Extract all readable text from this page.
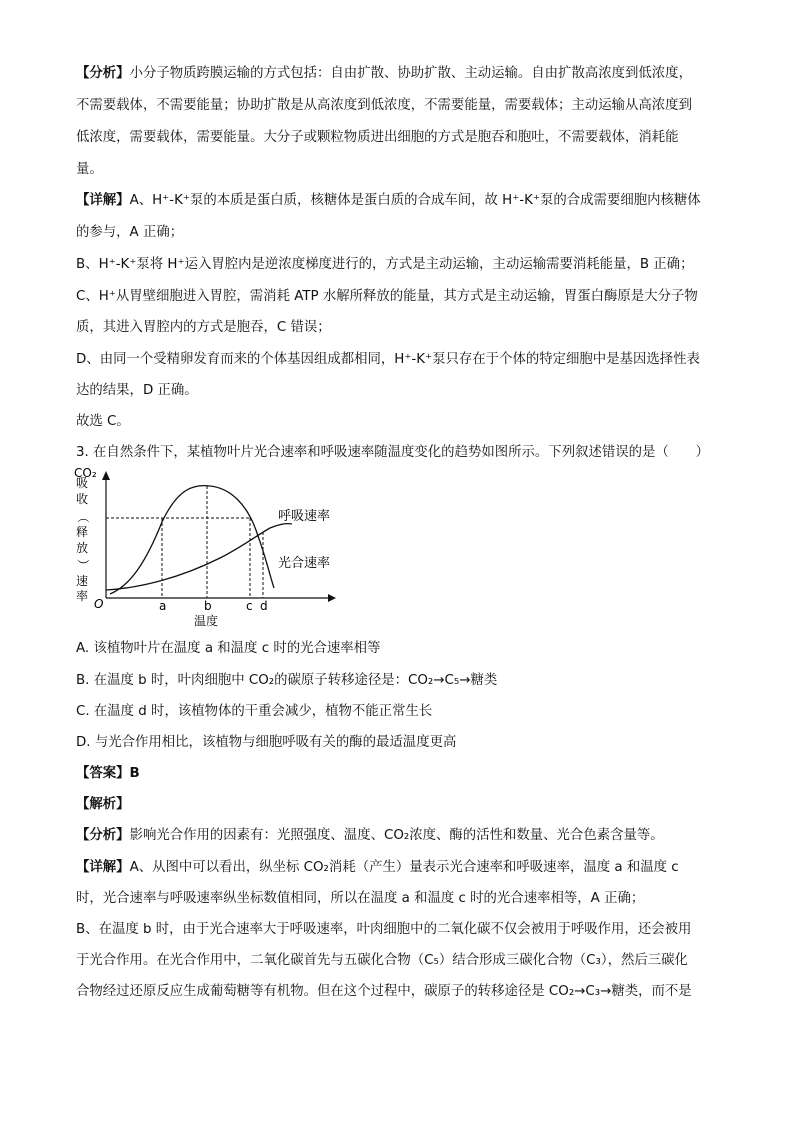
【分析】小分子物质跨膜运输的方式包括：自由扩散、协助扩散、主动运输。自由扩散高浓度到低浓度，
不需要载体，不需要能量；协助扩散是从高浓度到低浓度，不需要能量，需要载体；主动运输从高浓度到
低浓度，需要载体，需要能量。大分子或颗粒物质进出细胞的方式是胞吞和胞吐，不需要载体，消耗能
量。
【详解】A、H⁺-K⁺泵的本质是蛋白质，核糖体是蛋白质的合成车间，故 H⁺-K⁺泵的合成需要细胞内核糖体
的参与，A 正确；
B、H⁺-K⁺泵将 H⁺运入胃腔内是逆浓度梯度进行的，方式是主动运输，主动运输需要消耗能量，B 正确；
C、H⁺从胃壁细胞进入胃腔，需消耗 ATP 水解所释放的能量，其方式是主动运输，胃蛋白酶原是大分子物
质，其进入胃腔内的方式是胞吞，C 错误；
D、由同一个受精卵发育而来的个体基因组成都相同，H⁺-K⁺泵只存在于个体的特定细胞中是基因选择性表
达的结果，D 正确。
故选 C。
3. 在自然条件下，某植物叶片光合速率和呼吸速率随温度变化的趋势如图所示。下列叙述错误的是（　　）
CO₂
吸
收
（
释
放
）
速
率
O	a	b	c d
温度
呼吸速率
光合速率
A. 该植物叶片在温度 a 和温度 c 时的光合速率相等
B. 在温度 b 时，叶肉细胞中 CO₂的碳原子转移途径是：CO₂→C₅→糖类
C. 在温度 d 时，该植物体的干重会减少，植物不能正常生长
D. 与光合作用相比，该植物与细胞呼吸有关的酶的最适温度更高
【答案】B
【解析】
【分析】影响光合作用的因素有：光照强度、温度、CO₂浓度、酶的活性和数量、光合色素含量等。
【详解】A、从图中可以看出，纵坐标 CO₂消耗（产生）量表示光合速率和呼吸速率，温度 a 和温度 c
时，光合速率与呼吸速率纵坐标数值相同，所以在温度 a 和温度 c 时的光合速率相等，A 正确；
B、在温度 b 时，由于光合速率大于呼吸速率，叶肉细胞中的二氧化碳不仅会被用于呼吸作用，还会被用
于光合作用。在光合作用中，二氧化碳首先与五碳化合物（C₅）结合形成三碳化合物（C₃），然后三碳化
合物经过还原反应生成葡萄糖等有机物。但在这个过程中，碳原子的转移途径是 CO₂→C₃→糖类，而不是
